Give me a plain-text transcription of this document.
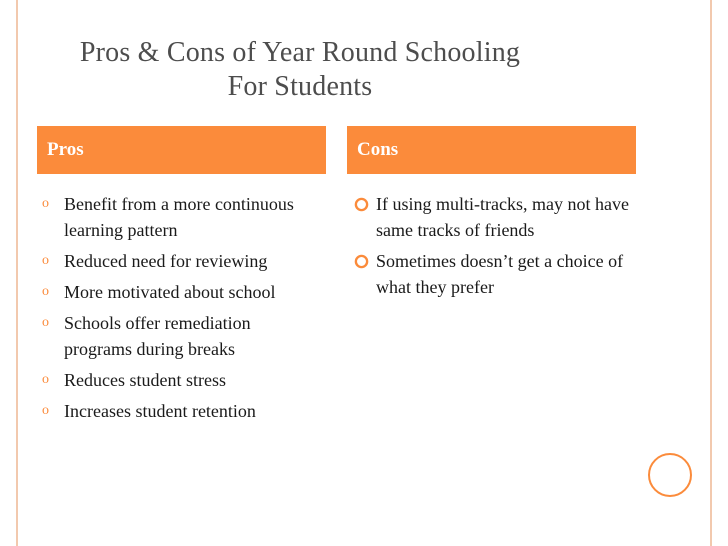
Pros & Cons of Year Round Schooling
For Students
Pros	Cons
o Benefit from a more continuous learning pattern
o Reduced need for reviewing
o More motivated about school
o Schools offer remediation programs during breaks
o Reduces student stress
o Increases student retention
If using multi-tracks, may not have same tracks of friends
Sometimes doesn’t get a choice of what they prefer
